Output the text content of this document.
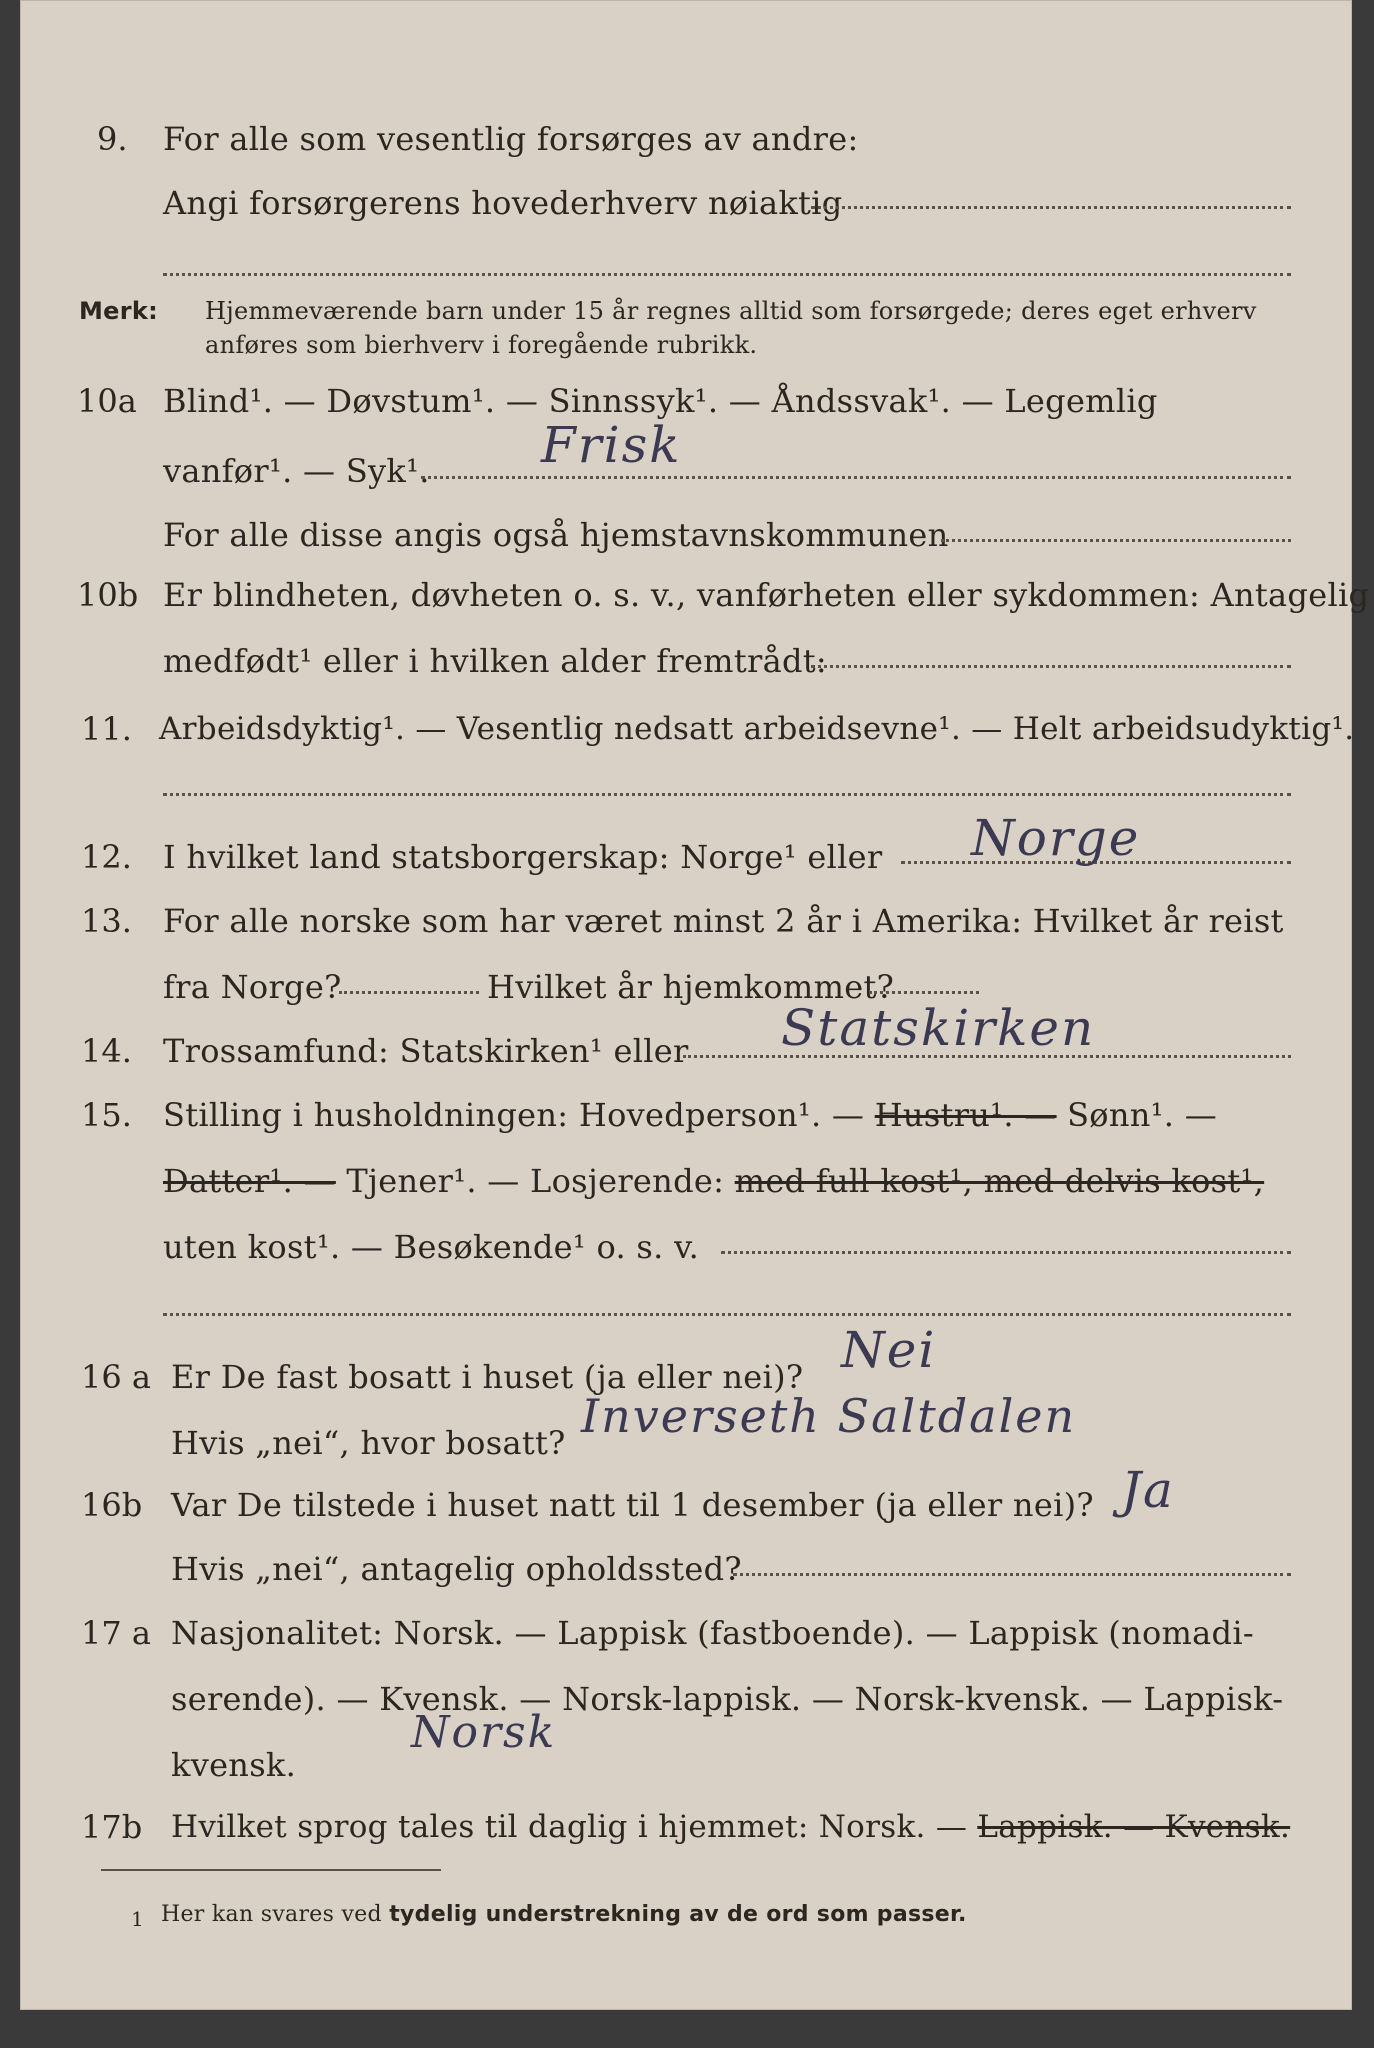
9. For alle som vesentlig forsørges av andre:
Angi forsørgerens hovederhverv nøiaktig
Merk: Hjemmeværende barn under 15 år regnes alltid som forsørgede; deres eget erhverv
anføres som bierhverv i foregående rubrikk.
10a Blind¹. — Døvstum¹. — Sinnssyk¹. — Åndssvak¹. — Legemlig
vanfør¹. — Syk¹. Frisk
For alle disse angis også hjemstavnskommunen
10b Er blindheten, døvheten o. s. v., vanførheten eller sykdommen: Antagelig
medfødt¹ eller i hvilken alder fremtrådt:
11. Arbeidsdyktig¹. — Vesentlig nedsatt arbeidsevne¹. — Helt arbeidsudyktig¹.
12. I hvilket land statsborgerskap: Norge¹ eller Norge
13. For alle norske som har været minst 2 år i Amerika: Hvilket år reist
fra Norge?	Hvilket år hjemkommet?
14. Trossamfund: Statskirken¹ eller Statskirken
15. Stilling i husholdningen: Hovedperson¹. — Hustru¹. — Sønn¹. —
Datter¹. — Tjener¹. — Losjerende: med full kost¹, med delvis kost¹,
uten kost¹. — Besøkende¹ o. s. v.
16 a Er De fast bosatt i huset (ja eller nei)? Nei
Hvis „nei“, hvor bosatt? Inverseth Saltdalen
16b Var De tilstede i huset natt til 1 desember (ja eller nei)? Ja
Hvis „nei“, antagelig opholdssted?
17 a Nasjonalitet: Norsk. — Lappisk (fastboende). — Lappisk (nomadi-
serende). — Kvensk. — Norsk-lappisk. — Norsk-kvensk. — Lappisk-
kvensk.
Norsk
17b Hvilket sprog tales til daglig i hjemmet: Norsk. — Lappisk. — Kvensk.
1 Her kan svares ved tydelig understrekning av de ord som passer.
